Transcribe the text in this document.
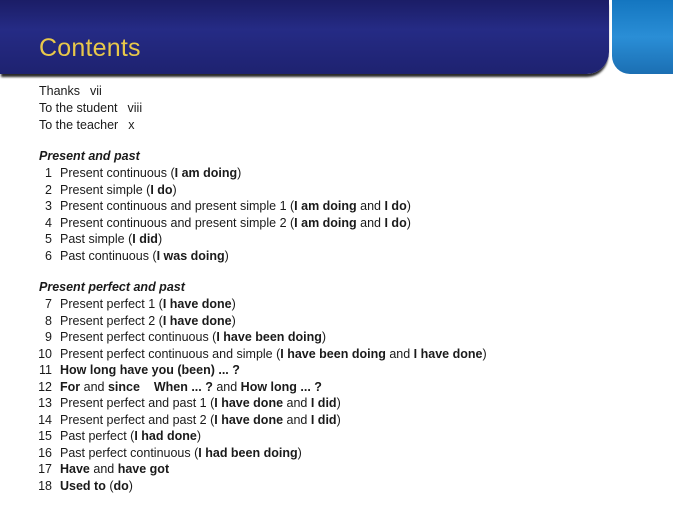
Contents
Thanks vii
To the student viii
To the teacher x
Present and past
1 Present continuous (I am doing)
2 Present simple (I do)
3 Present continuous and present simple 1 (I am doing and I do)
4 Present continuous and present simple 2 (I am doing and I do)
5 Past simple (I did)
6 Past continuous (I was doing)
Present perfect and past
7 Present perfect 1 (I have done)
8 Present perfect 2 (I have done)
9 Present perfect continuous (I have been doing)
10 Present perfect continuous and simple (I have been doing and I have done)
11 How long have you (been) ... ?
12 For and since When ... ? and How long ... ?
13 Present perfect and past 1 (I have done and I did)
14 Present perfect and past 2 (I have done and I did)
15 Past perfect (I had done)
16 Past perfect continuous (I had been doing)
17 Have and have got
18 Used to (do)
